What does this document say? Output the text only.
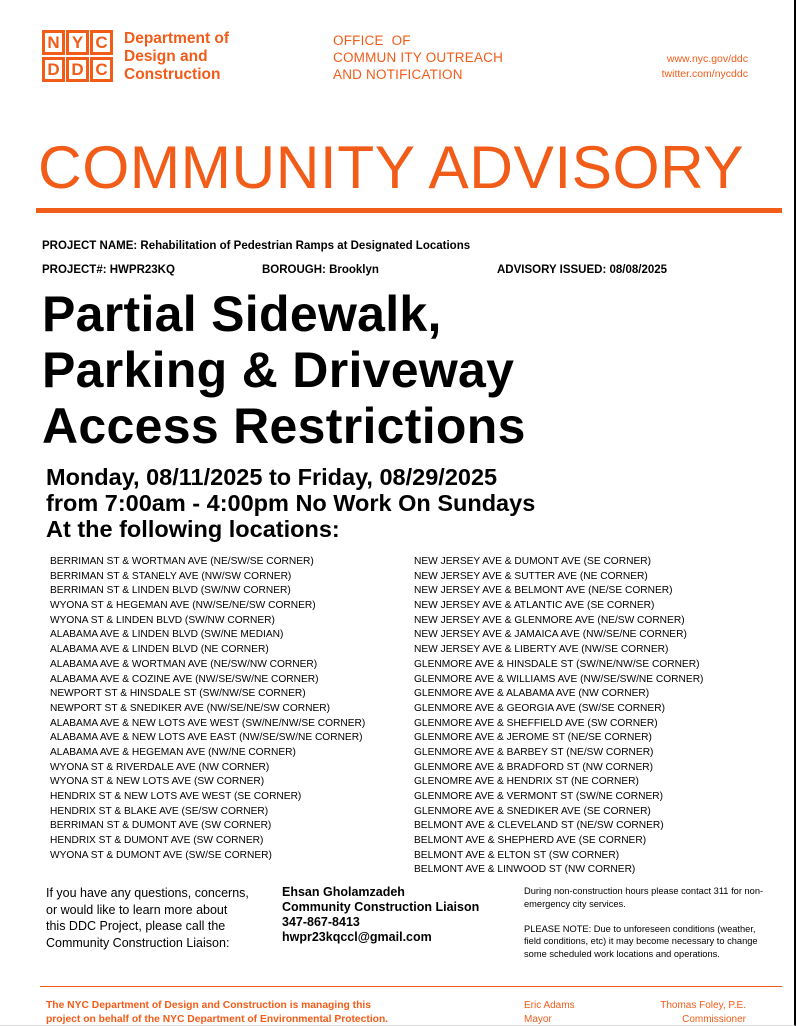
N Y C
D D C
Department of
Design and
Construction
OFFICE  OF
COMMUN ITY OUTREACH
AND NOTIFICATION
www.nyc.gov/ddc
twitter.com/nycddc
COMMUNITY ADVISORY
PROJECT NAME: Rehabilitation of Pedestrian Ramps at Designated Locations
PROJECT#: HWPR23KQ	BOROUGH: Brooklyn	ADVISORY ISSUED: 08/08/2025
Partial Sidewalk,
Parking & Driveway
Access Restrictions
Monday, 08/11/2025 to Friday, 08/29/2025
from 7:00am - 4:00pm No Work On Sundays
At the following locations:
BERRIMAN ST & WORTMAN AVE (NE/SW/SE CORNER)
BERRIMAN ST & STANELY AVE (NW/SW CORNER)
BERRIMAN ST & LINDEN BLVD (SW/NW CORNER)
WYONA ST & HEGEMAN AVE (NW/SE/NE/SW CORNER)
WYONA ST & LINDEN BLVD (SW/NW CORNER)
ALABAMA AVE & LINDEN BLVD (SW/NE MEDIAN)
ALABAMA AVE & LINDEN BLVD (NE CORNER)
ALABAMA AVE & WORTMAN AVE (NE/SW/NW CORNER)
ALABAMA AVE & COZINE AVE (NW/SE/SW/NE CORNER)
NEWPORT ST & HINSDALE ST (SW/NW/SE CORNER)
NEWPORT ST & SNEDIKER AVE (NW/SE/NE/SW CORNER)
ALABAMA AVE & NEW LOTS AVE WEST (SW/NE/NW/SE CORNER)
ALABAMA AVE & NEW LOTS AVE EAST (NW/SE/SW/NE CORNER)
ALABAMA AVE & HEGEMAN AVE (NW/NE CORNER)
WYONA ST & RIVERDALE AVE (NW CORNER)
WYONA ST & NEW LOTS AVE (SW CORNER)
HENDRIX ST & NEW LOTS AVE WEST (SE CORNER)
HENDRIX ST & BLAKE AVE (SE/SW CORNER)
BERRIMAN ST & DUMONT AVE (SW CORNER)
HENDRIX ST & DUMONT AVE (SW CORNER)
WYONA ST & DUMONT AVE (SW/SE CORNER)
NEW JERSEY AVE & DUMONT AVE (SE CORNER)
NEW JERSEY AVE & SUTTER AVE (NE CORNER)
NEW JERSEY AVE & BELMONT AVE (NE/SE CORNER)
NEW JERSEY AVE & ATLANTIC AVE (SE CORNER)
NEW JERSEY AVE & GLENMORE AVE (NE/SW CORNER)
NEW JERSEY AVE & JAMAICA AVE (NW/SE/NE CORNER)
NEW JERSEY AVE & LIBERTY AVE (NW/SE CORNER)
GLENMORE AVE & HINSDALE ST (SW/NE/NW/SE CORNER)
GLENMORE AVE & WILLIAMS AVE (NW/SE/SW/NE CORNER)
GLENMORE AVE & ALABAMA AVE (NW CORNER)
GLENMORE AVE & GEORGIA AVE (SW/SE CORNER)
GLENMORE AVE & SHEFFIELD AVE (SW CORNER)
GLENMORE AVE & JEROME ST (NE/SE CORNER)
GLENMORE AVE & BARBEY ST (NE/SW CORNER)
GLENMORE AVE & BRADFORD ST (NW CORNER)
GLENOMRE AVE & HENDRIX ST (NE CORNER)
GLENMORE AVE & VERMONT ST (SW/NE CORNER)
GLENMORE AVE & SNEDIKER AVE (SE CORNER)
BELMONT AVE & CLEVELAND ST (NE/SW CORNER)
BELMONT AVE & SHEPHERD AVE (SE CORNER)
BELMONT AVE & ELTON ST (SW CORNER)
BELMONT AVE & LINWOOD ST (NW CORNER)
If you have any questions, concerns,
or would like to learn more about
this DDC Project, please call the
Community Construction Liaison:
Ehsan Gholamzadeh
Community Construction Liaison
347-867-8413
hwpr23kqccl@gmail.com

During non-construction hours please contact 311 for non-emergency city services.

PLEASE NOTE: Due to unforeseen conditions (weather, field conditions, etc) it may become necessary to change some scheduled work locations and operations.

The NYC Department of Design and Construction is managing this
project on behalf of the NYC Department of Environmental Protection.
Eric Adams
Mayor
Thomas Foley, P.E.
Commissioner
